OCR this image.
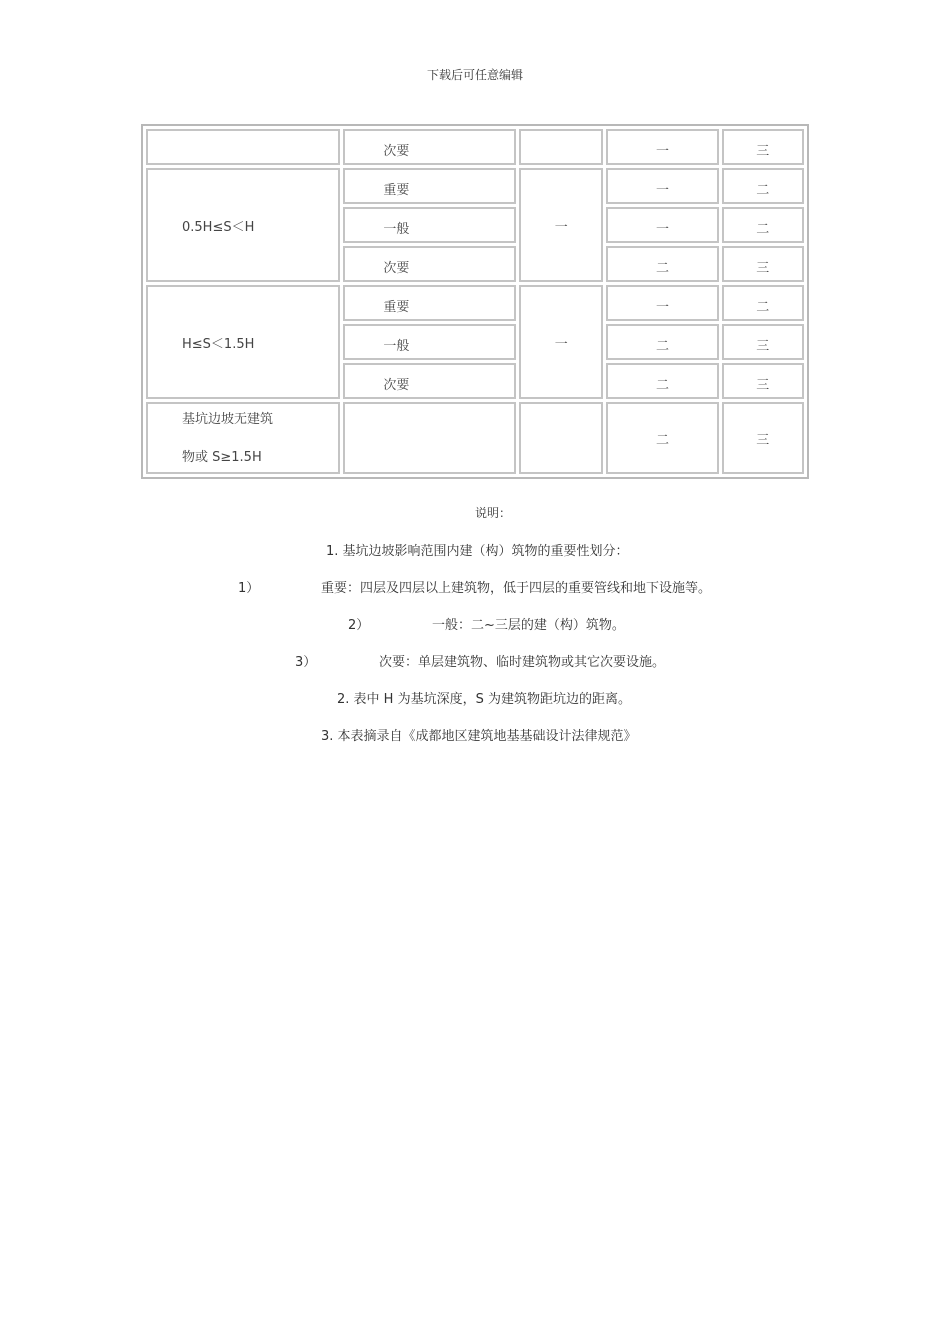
下载后可任意编辑
	次要		一	三
0.5H≤S＜H	重要	一	一	二
	一般		一	二
	次要		二	三
H≤S＜1.5H	重要	一	一	二
	一般		二	三
	次要		二	三

基坑边坡无建筑
物或 S≥1.5H			二	三
说明：
1. 基坑边坡影响范围内建（构）筑物的重要性划分：
1）	重要：四层及四层以上建筑物，低于四层的重要管线和地下设施等。
2）	一般：二~三层的建（构）筑物。
3）	次要：单层建筑物、临时建筑物或其它次要设施。
2. 表中 H 为基坑深度，S 为建筑物距坑边的距离。
3. 本表摘录自《成都地区建筑地基基础设计法律规范》
